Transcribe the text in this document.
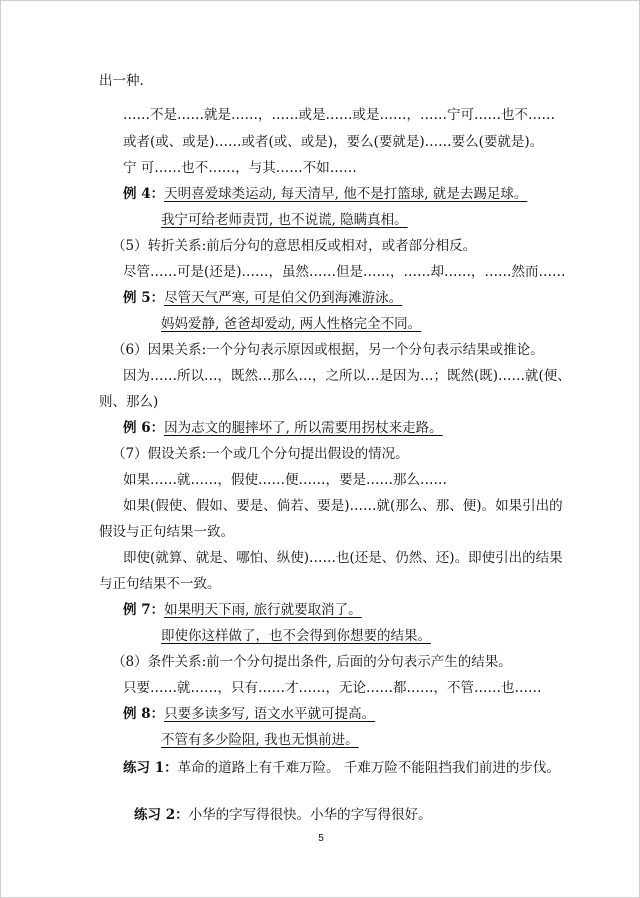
出一种.
……不是……就是……，……或是……或是……，……宁可……也不……
或者(或、或是)……或者(或、或是)，要么(要就是)……要么(要就是)。
宁 可……也不……，与其……不如……
例 4：天明喜爱球类运动, 每天清早, 他不是打篮球, 就是去踢足球。
我宁可给老师责罚, 也不说谎, 隐瞒真相。
（5）转折关系:前后分句的意思相反或相对，或者部分相反。
尽管……可是(还是)……，虽然……但是……，……却……，……然而……
例 5：尽管天气严寒, 可是伯父仍到海滩游泳。
妈妈爱静, 爸爸却爱动, 两人性格完全不同。
（6）因果关系:一个分句表示原因或根据，另一个分句表示结果或推论。
因为……所以…，既然…那么…，之所以…是因为…；既然(既)……就(便、
则、那么)
例 6：因为志文的腿摔坏了, 所以需要用拐杖来走路。
（7）假设关系:一个或几个分句提出假设的情况。
如果……就……，假使……便……，要是……那么……
如果(假使、假如、要是、倘若、要是)……就(那么、那、便)。如果引出的
假设与正句结果一致。
即使(就算、就是、哪怕、纵使)……也(还是、仍然、还)。即使引出的结果
与正句结果不一致。
例 7：如果明天下雨, 旅行就要取消了。
即使你这样做了，也不会得到你想要的结果。
（8）条件关系:前一个分句提出条件, 后面的分句表示产生的结果。
只要……就……，只有……才……，无论……都……，不管……也……
例 8：只要多读多写, 语文水平就可提高。
不管有多少险阻, 我也无惧前进。
练习 1：革命的道路上有千难万险。 千难万险不能阻挡我们前进的步伐。
练习 2：小华的字写得很快。小华的字写得很好。
5
